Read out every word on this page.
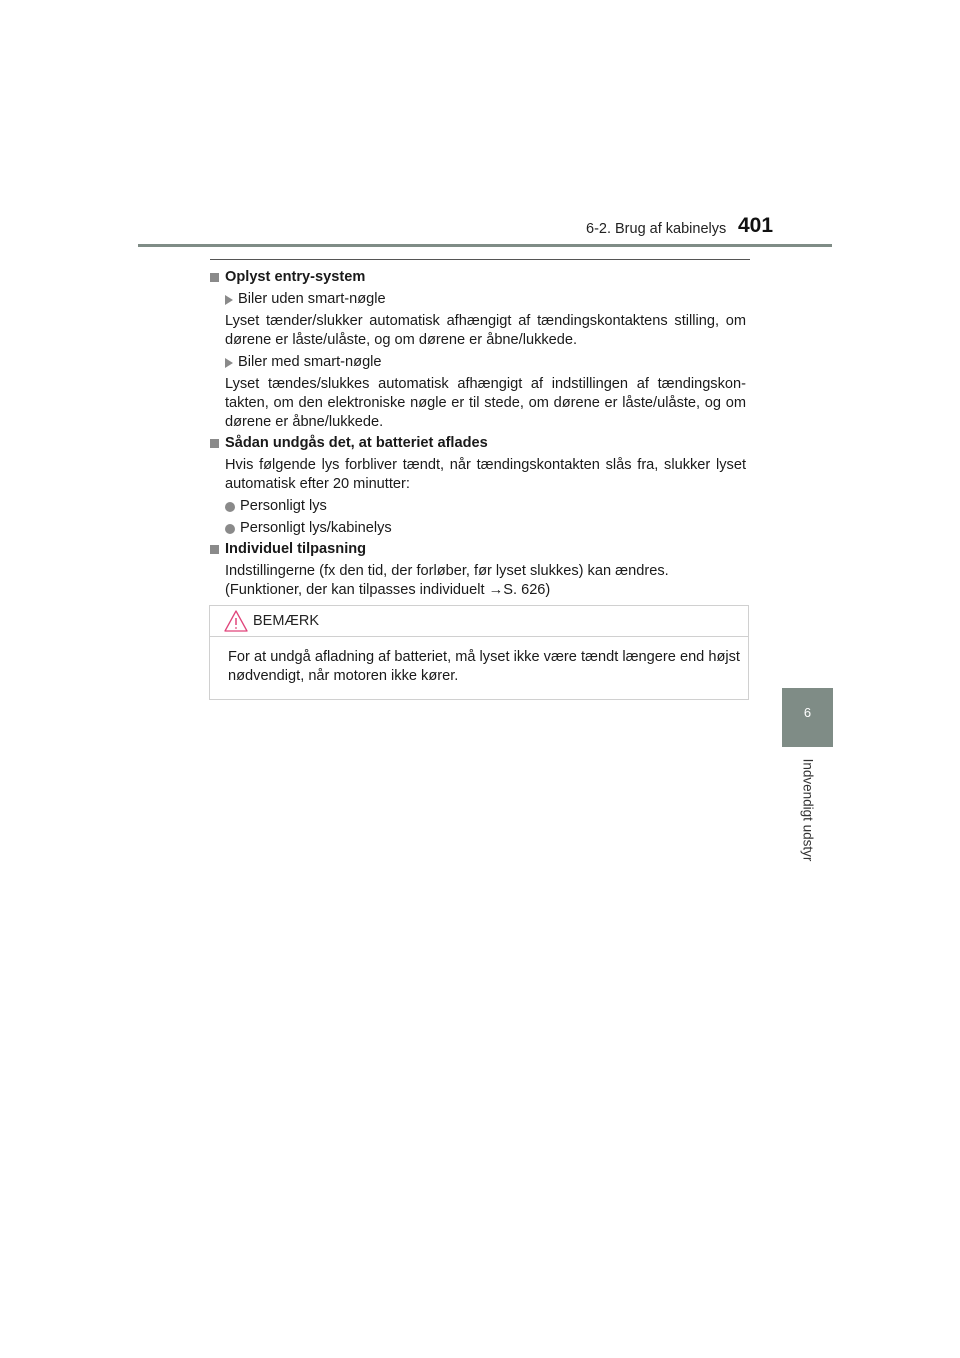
6-2. Brug af kabinelys 401
Oplyst entry-system
Biler uden smart-nøgle
Lyset tænder/slukker automatisk afhængigt af tændingskontaktens stilling, om dørene er låste/ulåste, og om dørene er åbne/lukkede.
Biler med smart-nøgle
Lyset tændes/slukkes automatisk afhængigt af indstillingen af tændingskon-takten, om den elektroniske nøgle er til stede, om dørene er låste/ulåste, og om dørene er åbne/lukkede.
Sådan undgås det, at batteriet aflades
Hvis følgende lys forbliver tændt, når tændingskontakten slås fra, slukker lyset automatisk efter 20 minutter:
Personligt lys
Personligt lys/kabinelys
Individuel tilpasning
Indstillingerne (fx den tid, der forløber, før lyset slukkes) kan ændres.
(Funktioner, der kan tilpasses individuelt →S. 626)
BEMÆRK
For at undgå afladning af batteriet, må lyset ikke være tændt længere end højst nødvendigt, når motoren ikke kører.
6
Indvendigt udstyr
